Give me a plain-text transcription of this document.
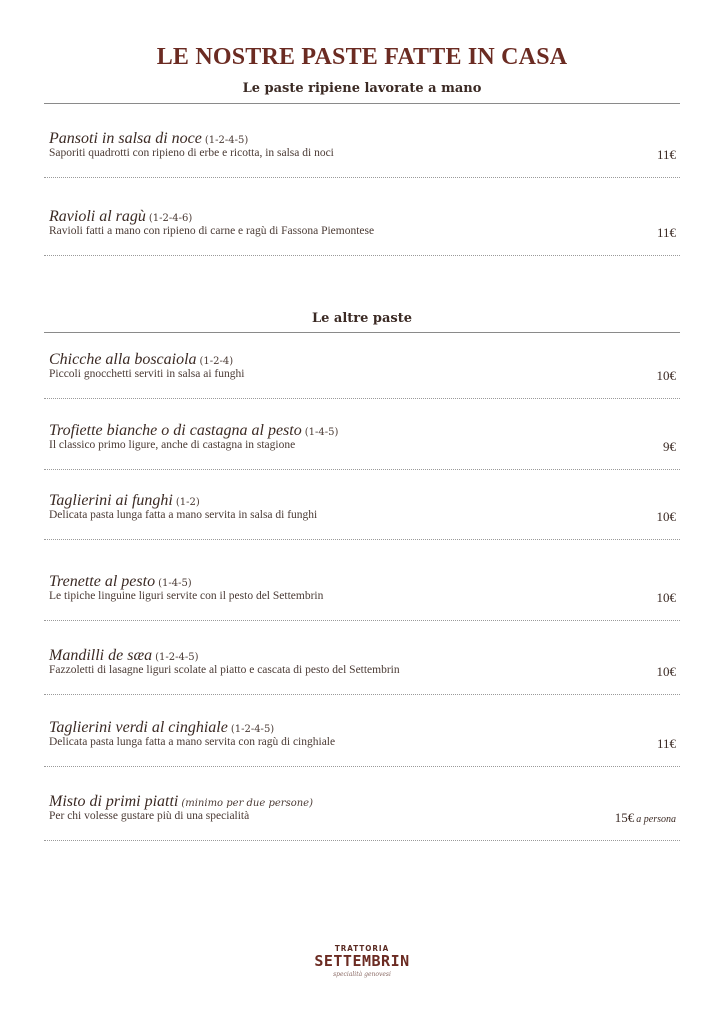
LE NOSTRE PASTE FATTE IN CASA
Le paste ripiene lavorate a mano
Pansoti in salsa di noce (1-2-4-5)
Saporiti quadrotti con ripieno di erbe e ricotta, in salsa di noci	11€
Ravioli al ragù (1-2-4-6)
Ravioli fatti a mano con ripieno di carne e ragù di Fassona Piemontese	11€
Le altre paste
Chicche alla boscaiola (1-2-4)
Piccoli gnocchetti serviti in salsa ai funghi	10€
Trofiette bianche o di castagna al pesto (1-4-5)
Il classico primo ligure, anche di castagna in stagione	9€
Taglierini ai funghi (1-2)
Delicata pasta lunga fatta a mano servita in salsa di funghi	10€
Trenette al pesto (1-4-5)
Le tipiche linguine liguri servite con il pesto del Settembrin	10€
Mandilli de sæa (1-2-4-5)
Fazzoletti di lasagne liguri scolate al piatto e cascata di pesto del Settembrin	10€
Taglierini verdi al cinghiale (1-2-4-5)
Delicata pasta lunga fatta a mano servita con ragù di cinghiale	11€
Misto di primi piatti (minimo per due persone)
Per chi volesse gustare più di una specialità	15€ a persona
TRATTORIA
SETTEMBRIN
specialità genovesi
